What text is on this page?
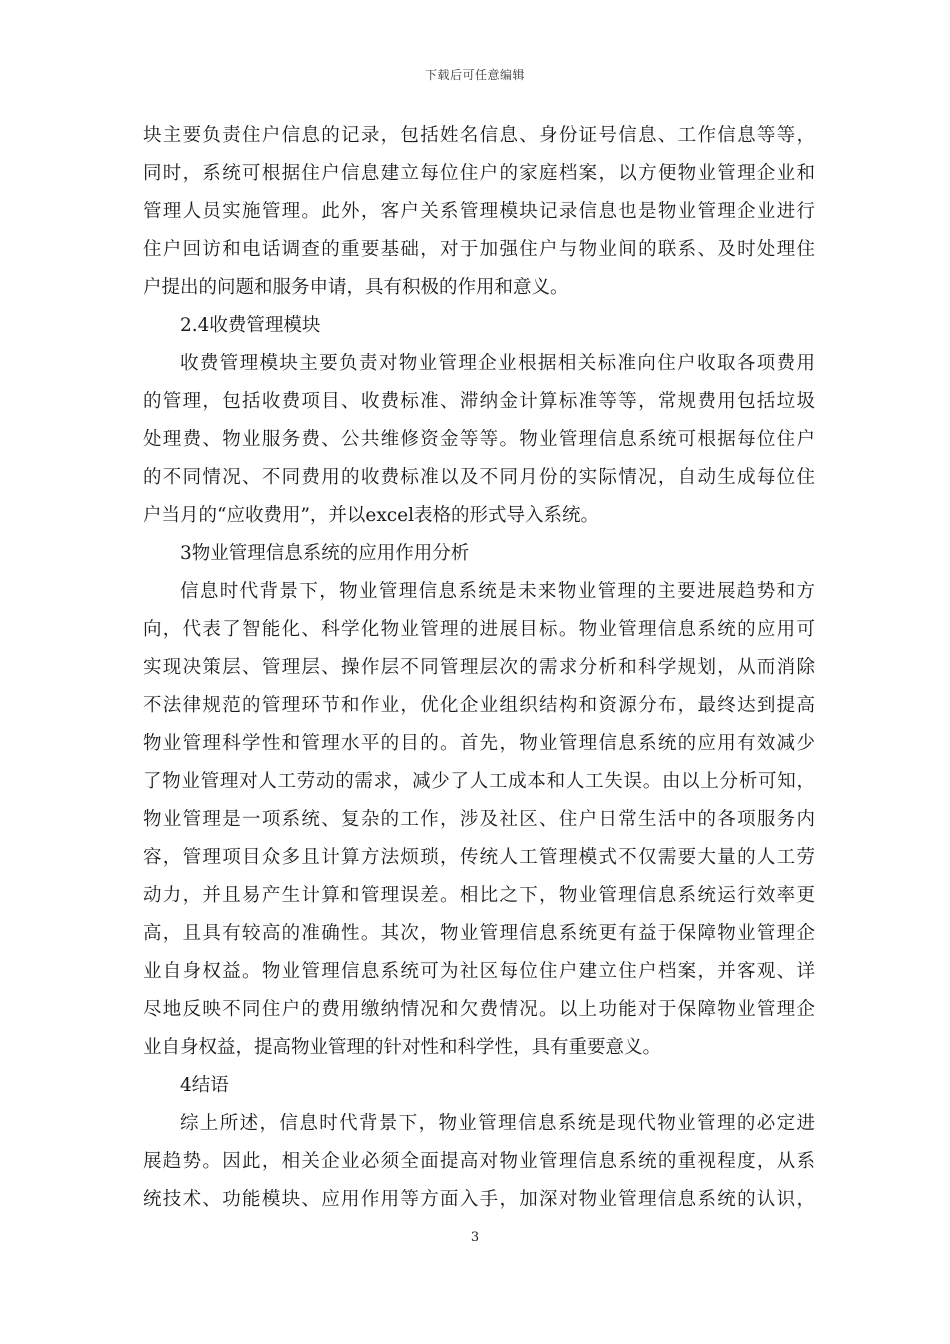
下载后可任意编辑
块主要负责住户信息的记录，包括姓名信息、身份证号信息、工作信息等等，
同时，系统可根据住户信息建立每位住户的家庭档案，以方便物业管理企业和
管理人员实施管理。此外，客户关系管理模块记录信息也是物业管理企业进行
住户回访和电话调查的重要基础，对于加强住户与物业间的联系、及时处理住
户提出的问题和服务申请，具有积极的作用和意义。
2.4收费管理模块
收费管理模块主要负责对物业管理企业根据相关标准向住户收取各项费用
的管理，包括收费项目、收费标准、滞纳金计算标准等等，常规费用包括垃圾
处理费、物业服务费、公共维修资金等等。物业管理信息系统可根据每位住户
的不同情况、不同费用的收费标准以及不同月份的实际情况，自动生成每位住
户当月的“应收费用”，并以excel表格的形式导入系统。
3物业管理信息系统的应用作用分析
信息时代背景下，物业管理信息系统是未来物业管理的主要进展趋势和方
向，代表了智能化、科学化物业管理的进展目标。物业管理信息系统的应用可
实现决策层、管理层、操作层不同管理层次的需求分析和科学规划，从而消除
不法律规范的管理环节和作业，优化企业组织结构和资源分布，最终达到提高
物业管理科学性和管理水平的目的。首先，物业管理信息系统的应用有效减少
了物业管理对人工劳动的需求，减少了人工成本和人工失误。由以上分析可知，
物业管理是一项系统、复杂的工作，涉及社区、住户日常生活中的各项服务内
容，管理项目众多且计算方法烦琐，传统人工管理模式不仅需要大量的人工劳
动力，并且易产生计算和管理误差。相比之下，物业管理信息系统运行效率更
高，且具有较高的准确性。其次，物业管理信息系统更有益于保障物业管理企
业自身权益。物业管理信息系统可为社区每位住户建立住户档案，并客观、详
尽地反映不同住户的费用缴纳情况和欠费情况。以上功能对于保障物业管理企
业自身权益，提高物业管理的针对性和科学性，具有重要意义。
4结语
综上所述，信息时代背景下，物业管理信息系统是现代物业管理的必定进
展趋势。因此，相关企业必须全面提高对物业管理信息系统的重视程度，从系
统技术、功能模块、应用作用等方面入手，加深对物业管理信息系统的认识，
3
